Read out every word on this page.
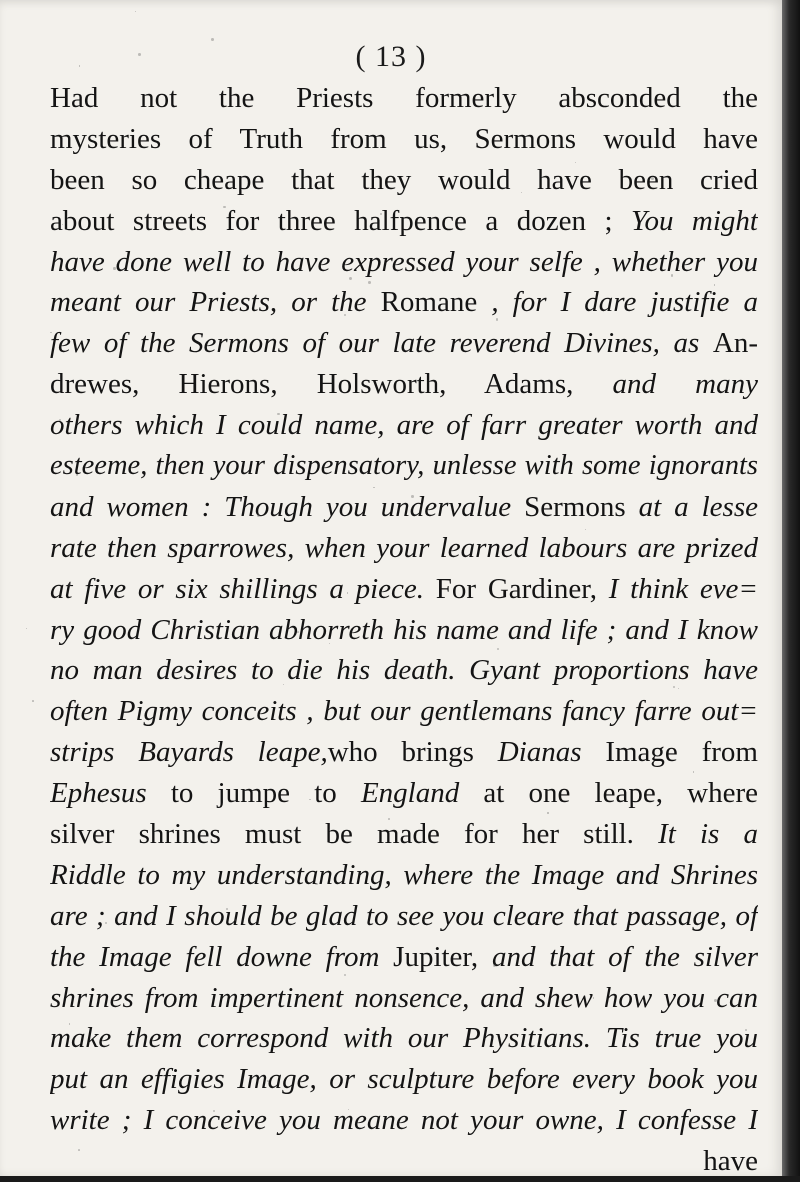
( 13 )
Had not the Priests formerly absconded the
mysteries of Truth from us, Sermons would have
been so cheape that they would have been cried
about streets for three halfpence a dozen ; You might
have done well to have expressed your selfe , whether you
meant our Priests, or the Romane , for I dare justifie a
few of the Sermons of our late reverend Divines, as An-
drewes, Hierons, Holsworth, Adams, and many
others which I could name, are of farr greater worth and
esteeme, then your dispensatory, unlesse with some ignorants
and women : Though you undervalue Sermons at a lesse
rate then sparrowes, when your learned labours are prized
at five or six shillings a piece. For Gardiner, I think eve=
ry good Christian abhorreth his name and life ; and I know
no man desires to die his death. Gyant proportions have
often Pigmy conceits , but our gentlemans fancy farre out=
strips Bayards leape,who brings Dianas Image from
Ephesus to jumpe to England at one leape, where
silver shrines must be made for her still. It is a
Riddle to my understanding, where the Image and Shrines
are ; and I should be glad to see you cleare that passage, of
the Image fell downe from Jupiter, and that of the silver
shrines from impertinent nonsence, and shew how you can
make them correspond with our Physitians. Tis true you
put an effigies Image, or sculpture before every book you
write ; I conceive you meane not your owne, I confesse I
have
